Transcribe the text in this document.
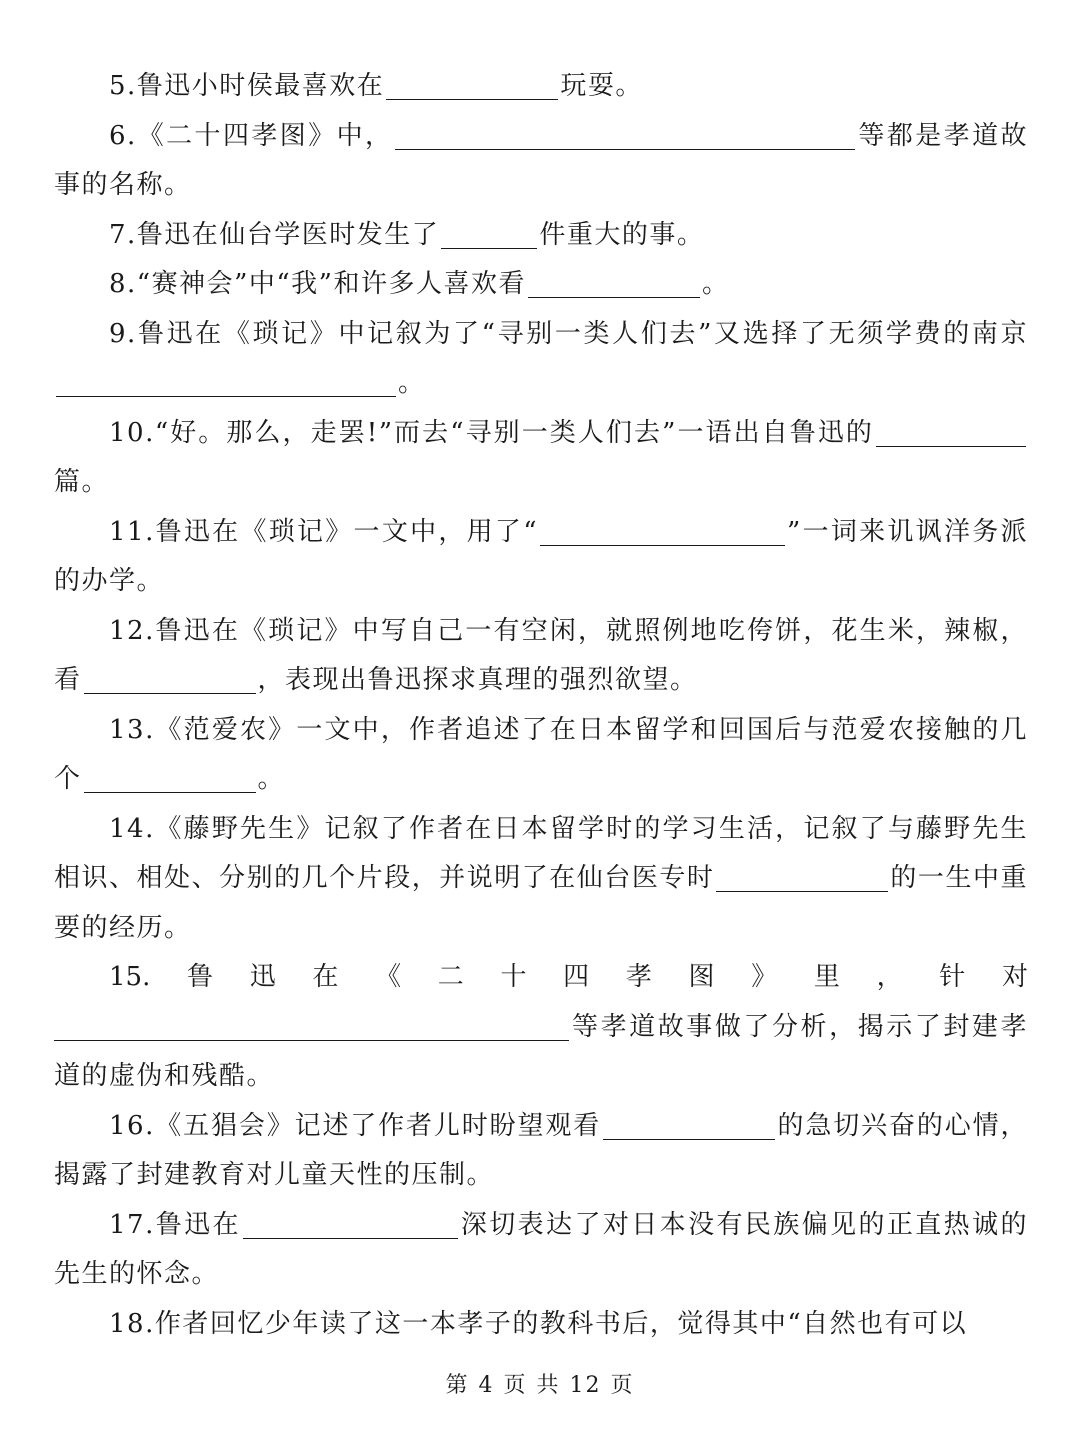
5.鲁迅小时侯最喜欢在	玩耍。

6.《二十四孝图》中，	等都是孝道故事的名称。

7.鲁迅在仙台学医时发生了	件重大的事。

8.“赛神会”中“我”和许多人喜欢看	。

9.鲁迅在《琐记》中记叙为了“寻别一类人们去”又选择了无须学费的南京。

10.“好。那么，走罢!”而去“寻别一类人们去”一语出自鲁迅的篇。

11.鲁迅在《琐记》一文中，用了“	”一词来讥讽洋务派的办学。

12.鲁迅在《琐记》中写自己一有空闲，就照例地吃侉饼，花生米，辣椒，看	，表现出鲁迅探求真理的强烈欲望。

13.《范爱农》一文中，作者追述了在日本留学和回国后与范爱农接触的几个	。

14.《藤野先生》记叙了作者在日本留学时的学习生活，记叙了与藤野先生相识、相处、分别的几个片段，并说明了在仙台医专时	的一生中重要的经历。

15. 鲁 迅 在 《 二 十 四 孝 图 》 里 ， 针 对

等孝道故事做了分析，揭示了封建孝道的虚伪和残酷。

16.《五猖会》记述了作者儿时盼望观看	的急切兴奋的心情，揭露了封建教育对儿童天性的压制。

17.鲁迅在	深切表达了对日本没有民族偏见的正直热诚的先生的怀念。

18.作者回忆少年读了这一本孝子的教科书后，觉得其中“自然也有可以

第 4 页 共 12 页
